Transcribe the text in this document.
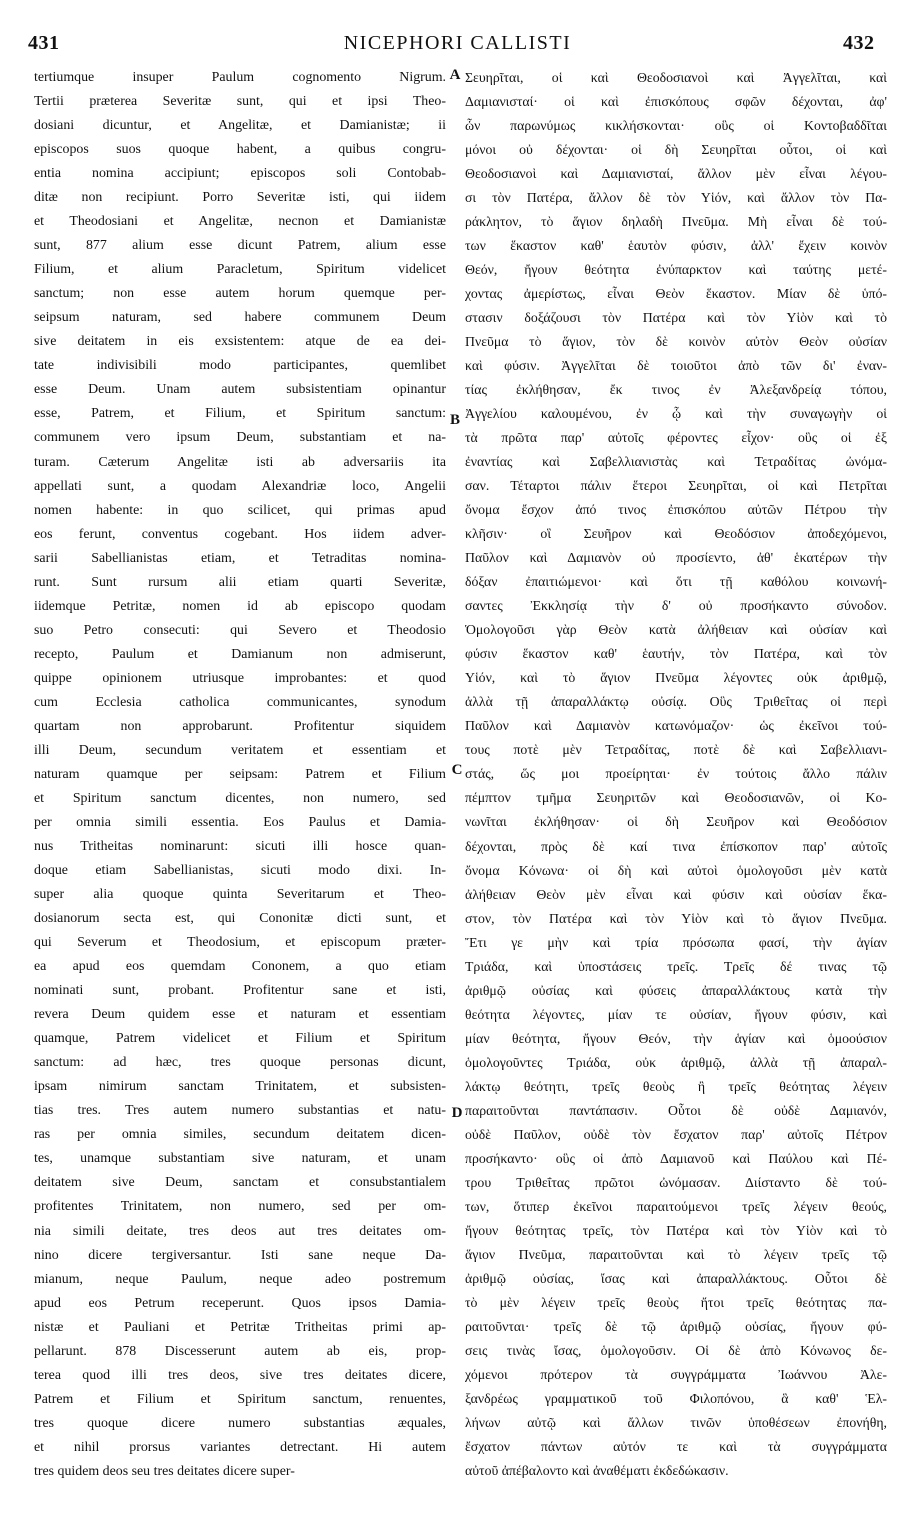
431	NICEPHORI CALLISTI	432
tertiumque insuper Paulum cognomento Nigrum.
Tertii præterea Severitæ sunt, qui et ipsi Theo-
dosiani dicuntur, et Angelitæ, et Damianistæ; ii
episcopos suos quoque habent, a quibus congru-
entia nomina accipiunt; episcopos soli Contobab-
ditæ non recipiunt. Porro Severitæ isti, qui iidem
et Theodosiani et Angelitæ, necnon et Damianistæ
sunt, 877 alium esse dicunt Patrem, alium esse
Filium, et alium Paracletum, Spiritum videlicet
sanctum; non esse autem horum quemque per-
seipsum naturam, sed habere communem Deum
sive deitatem in eis exsistentem: atque de ea dei-
tate indivisibili modo participantes, quemlibet
esse Deum. Unam autem subsistentiam opinantur
esse, Patrem, et Filium, et Spiritum sanctum:
communem vero ipsum Deum, substantiam et na-
turam. Cæterum Angelitæ isti ab adversariis ita
appellati sunt, a quodam Alexandriæ loco, Angelii
nomen habente: in quo scilicet, qui primas apud
eos ferunt, conventus cogebant. Hos iidem adver-
sarii Sabellianistas etiam, et Tetraditas nomina-
runt. Sunt rursum alii etiam quarti Severitæ,
iidemque Petritæ, nomen id ab episcopo quodam
suo Petro consecuti: qui Severo et Theodosio
recepto, Paulum et Damianum non admiserunt,
quippe opinionem utriusque improbantes: et quod
cum Ecclesia catholica communicantes, synodum
quartam non approbarunt. Profitentur siquidem
illi Deum, secundum veritatem et essentiam et
naturam quamque per seipsam: Patrem et Filium
et Spiritum sanctum dicentes, non numero, sed
per omnia simili essentia. Eos Paulus et Damia-
nus Tritheitas nominarunt: sicuti illi hosce quan-
doque etiam Sabellianistas, sicuti modo dixi. In-
super alia quoque quinta Severitarum et Theo-
dosianorum secta est, qui Cononitæ dicti sunt, et
qui Severum et Theodosium, et episcopum præter-
ea apud eos quemdam Cononem, a quo etiam
nominati sunt, probant. Profitentur sane et isti,
revera Deum quidem esse et naturam et essentiam
quamque, Patrem videlicet et Filium et Spiritum
sanctum: ad hæc, tres quoque personas dicunt,
ipsam nimirum sanctam Trinitatem, et subsisten-
tias tres. Tres autem numero substantias et natu-
ras per omnia similes, secundum deitatem dicen-
tes, unamque substantiam sive naturam, et unam
deitatem sive Deum, sanctam et consubstantialem
profitentes Trinitatem, non numero, sed per om-
nia simili deitate, tres deos aut tres deitates om-
nino dicere tergiversantur. Isti sane neque Da-
mianum, neque Paulum, neque adeo postremum
apud eos Petrum receperunt. Quos ipsos Damia-
nistæ et Pauliani et Petritæ Tritheitas primi ap-
pellarunt. 878 Discesserunt autem ab eis, prop-
terea quod illi tres deos, sive tres deitates dicere,
Patrem et Filium et Spiritum sanctum, renuentes,
tres quoque dicere numero substantias æquales,
et nihil prorsus variantes detrectant. Hi autem
tres quidem deos seu tres deitates dicere super-
A
B
C
D
Σευηρῖται, οἱ καὶ Θεοδοσιανοὶ καὶ Ἀγγελῖται, καὶ
Δαμιανισταί· οἱ καὶ ἐπισκόπους σφῶν δέχονται, ἀφ'
ὧν παρωνύμως κικλήσκονται· οὓς οἱ Κοντοβαδδῖται
μόνοι οὐ δέχονται· οἱ δὴ Σευηρῖται οὗτοι, οἱ καὶ
Θεοδοσιανοὶ καὶ Δαμιανισταί, ἄλλον μὲν εἶναι λέγου-
σι τὸν Πατέρα, ἄλλον δὲ τὸν Υἱόν, καὶ ἄλλον τὸν Πα-
ράκλητον, τὸ ἅγιον δηλαδὴ Πνεῦμα. Μὴ εἶναι δὲ τού-
των ἕκαστον καθ' ἑαυτὸν φύσιν, ἀλλ' ἔχειν κοινὸν
Θεόν, ἤγουν θεότητα ἐνύπαρκτον καὶ ταύτης μετέ-
χοντας ἀμερίστως, εἶναι Θεὸν ἕκαστον. Μίαν δὲ ὑπό-
στασιν δοξάζουσι τὸν Πατέρα καὶ τὸν Υἱὸν καὶ τὸ
Πνεῦμα τὸ ἅγιον, τὸν δὲ κοινὸν αὐτὸν Θεὸν οὐσίαν
καὶ φύσιν. Ἀγγελῖται δὲ τοιοῦτοι ἀπὸ τῶν δι' ἐναν-
τίας ἐκλήθησαν, ἔκ τινος ἐν Ἀλεξανδρείᾳ τόπου,
Ἀγγελίου καλουμένου, ἐν ᾧ καὶ τὴν συναγωγὴν οἱ
τὰ πρῶτα παρ' αὐτοῖς φέροντες εἶχον· οὓς οἱ ἐξ
ἐναντίας καὶ Σαβελλιανιστὰς καὶ Τετραδίτας ὠνόμα-
σαν. Τέταρτοι πάλιν ἕτεροι Σευηρῖται, οἱ καὶ Πετρῖται
ὄνομα ἔσχον ἀπό τινος ἐπισκόπου αὐτῶν Πέτρου τὴν
κλῆσιν· οἳ Σευῆρον καὶ Θεοδόσιον ἀποδεχόμενοι,
Παῦλον καὶ Δαμιανὸν οὐ προσίεντο, ἀθ' ἑκατέρων τὴν
δόξαν ἐπαιτιώμενοι· καὶ ὅτι τῇ καθόλου κοινωνή-
σαντες Ἐκκλησίᾳ τὴν δ' οὐ προσήκαντο σύνοδον.
Ὁμολογοῦσι γὰρ Θεὸν κατὰ ἀλήθειαν καὶ οὐσίαν καὶ
φύσιν ἕκαστον καθ' ἑαυτήν, τὸν Πατέρα, καὶ τὸν
Υἱόν, καὶ τὸ ἅγιον Πνεῦμα λέγοντες οὐκ ἀριθμῷ,
ἀλλὰ τῇ ἀπαραλλάκτῳ οὐσίᾳ. Οὓς Τριθεΐτας οἱ περὶ
Παῦλον καὶ Δαμιανὸν κατωνόμαζον· ὡς ἐκεῖνοι τού-
τους ποτὲ μὲν Τετραδίτας, ποτὲ δὲ καὶ Σαβελλιανι-
στάς, ὥς μοι προείρηται· ἐν τούτοις ἄλλο πάλιν
πέμπτον τμῆμα Σευηριτῶν καὶ Θεοδοσιανῶν, οἱ Κο-
νωνῖται ἐκλήθησαν· οἱ δὴ Σευῆρον καὶ Θεοδόσιον
δέχονται, πρὸς δὲ καί τινα ἐπίσκοπον παρ' αὐτοῖς
ὄνομα Κόνωνα· οἱ δὴ καὶ αὐτοὶ ὁμολογοῦσι μὲν κατὰ
ἀλήθειαν Θεὸν μὲν εἶναι καὶ φύσιν καὶ οὐσίαν ἕκα-
στον, τὸν Πατέρα καὶ τὸν Υἱὸν καὶ τὸ ἅγιον Πνεῦμα.
Ἔτι γε μὴν καὶ τρία πρόσωπα φασί, τὴν ἁγίαν
Τριάδα, καὶ ὑποστάσεις τρεῖς. Τρεῖς δέ τινας τῷ
ἀριθμῷ οὐσίας καὶ φύσεις ἀπαραλλάκτους κατὰ τὴν
θεότητα λέγοντες, μίαν τε οὐσίαν, ἤγουν φύσιν, καὶ
μίαν θεότητα, ἤγουν Θεόν, τὴν ἁγίαν καὶ ὁμοούσιον
ὁμολογοῦντες Τριάδα, οὐκ ἀριθμῷ, ἀλλὰ τῇ ἀπαραλ-
λάκτῳ θεότητι, τρεῖς θεοὺς ἢ τρεῖς θεότητας λέγειν
παραιτοῦνται παντάπασιν. Οὗτοι δὲ οὐδὲ Δαμιανόν,
οὐδὲ Παῦλον, οὐδὲ τὸν ἔσχατον παρ' αὐτοῖς Πέτρον
προσήκαντο· οὓς οἱ ἀπὸ Δαμιανοῦ καὶ Παύλου καὶ Πέ-
τρου Τριθεΐτας πρῶτοι ὠνόμασαν. Διίσταντο δὲ τού-
των, ὅτιπερ ἐκεῖνοι παραιτούμενοι τρεῖς λέγειν θεούς,
ἤγουν θεότητας τρεῖς, τὸν Πατέρα καὶ τὸν Υἱὸν καὶ τὸ
ἅγιον Πνεῦμα, παραιτοῦνται καὶ τὸ λέγειν τρεῖς τῷ
ἀριθμῷ οὐσίας, ἴσας καὶ ἀπαραλλάκτους. Οὗτοι δὲ
τὸ μὲν λέγειν τρεῖς θεοὺς ἤτοι τρεῖς θεότητας πα-
ραιτοῦνται· τρεῖς δὲ τῷ ἀριθμῷ οὐσίας, ἤγουν φύ-
σεις τινὰς ἴσας, ὁμολογοῦσιν. Οἱ δὲ ἀπὸ Κόνωνος δε-
χόμενοι πρότερον τὰ συγγράμματα Ἰωάννου Ἀλε-
ξανδρέως γραμματικοῦ τοῦ Φιλοπόνου, ἃ καθ' Ἑλ-
λήνων αὐτῷ καὶ ἄλλων τινῶν ὑποθέσεων ἐπονήθη,
ἔσχατον πάντων αὐτόν τε καὶ τὰ συγγράμματα
αὐτοῦ ἀπέβαλοντο καὶ ἀναθέματι ἐκδεδώκασιν.
